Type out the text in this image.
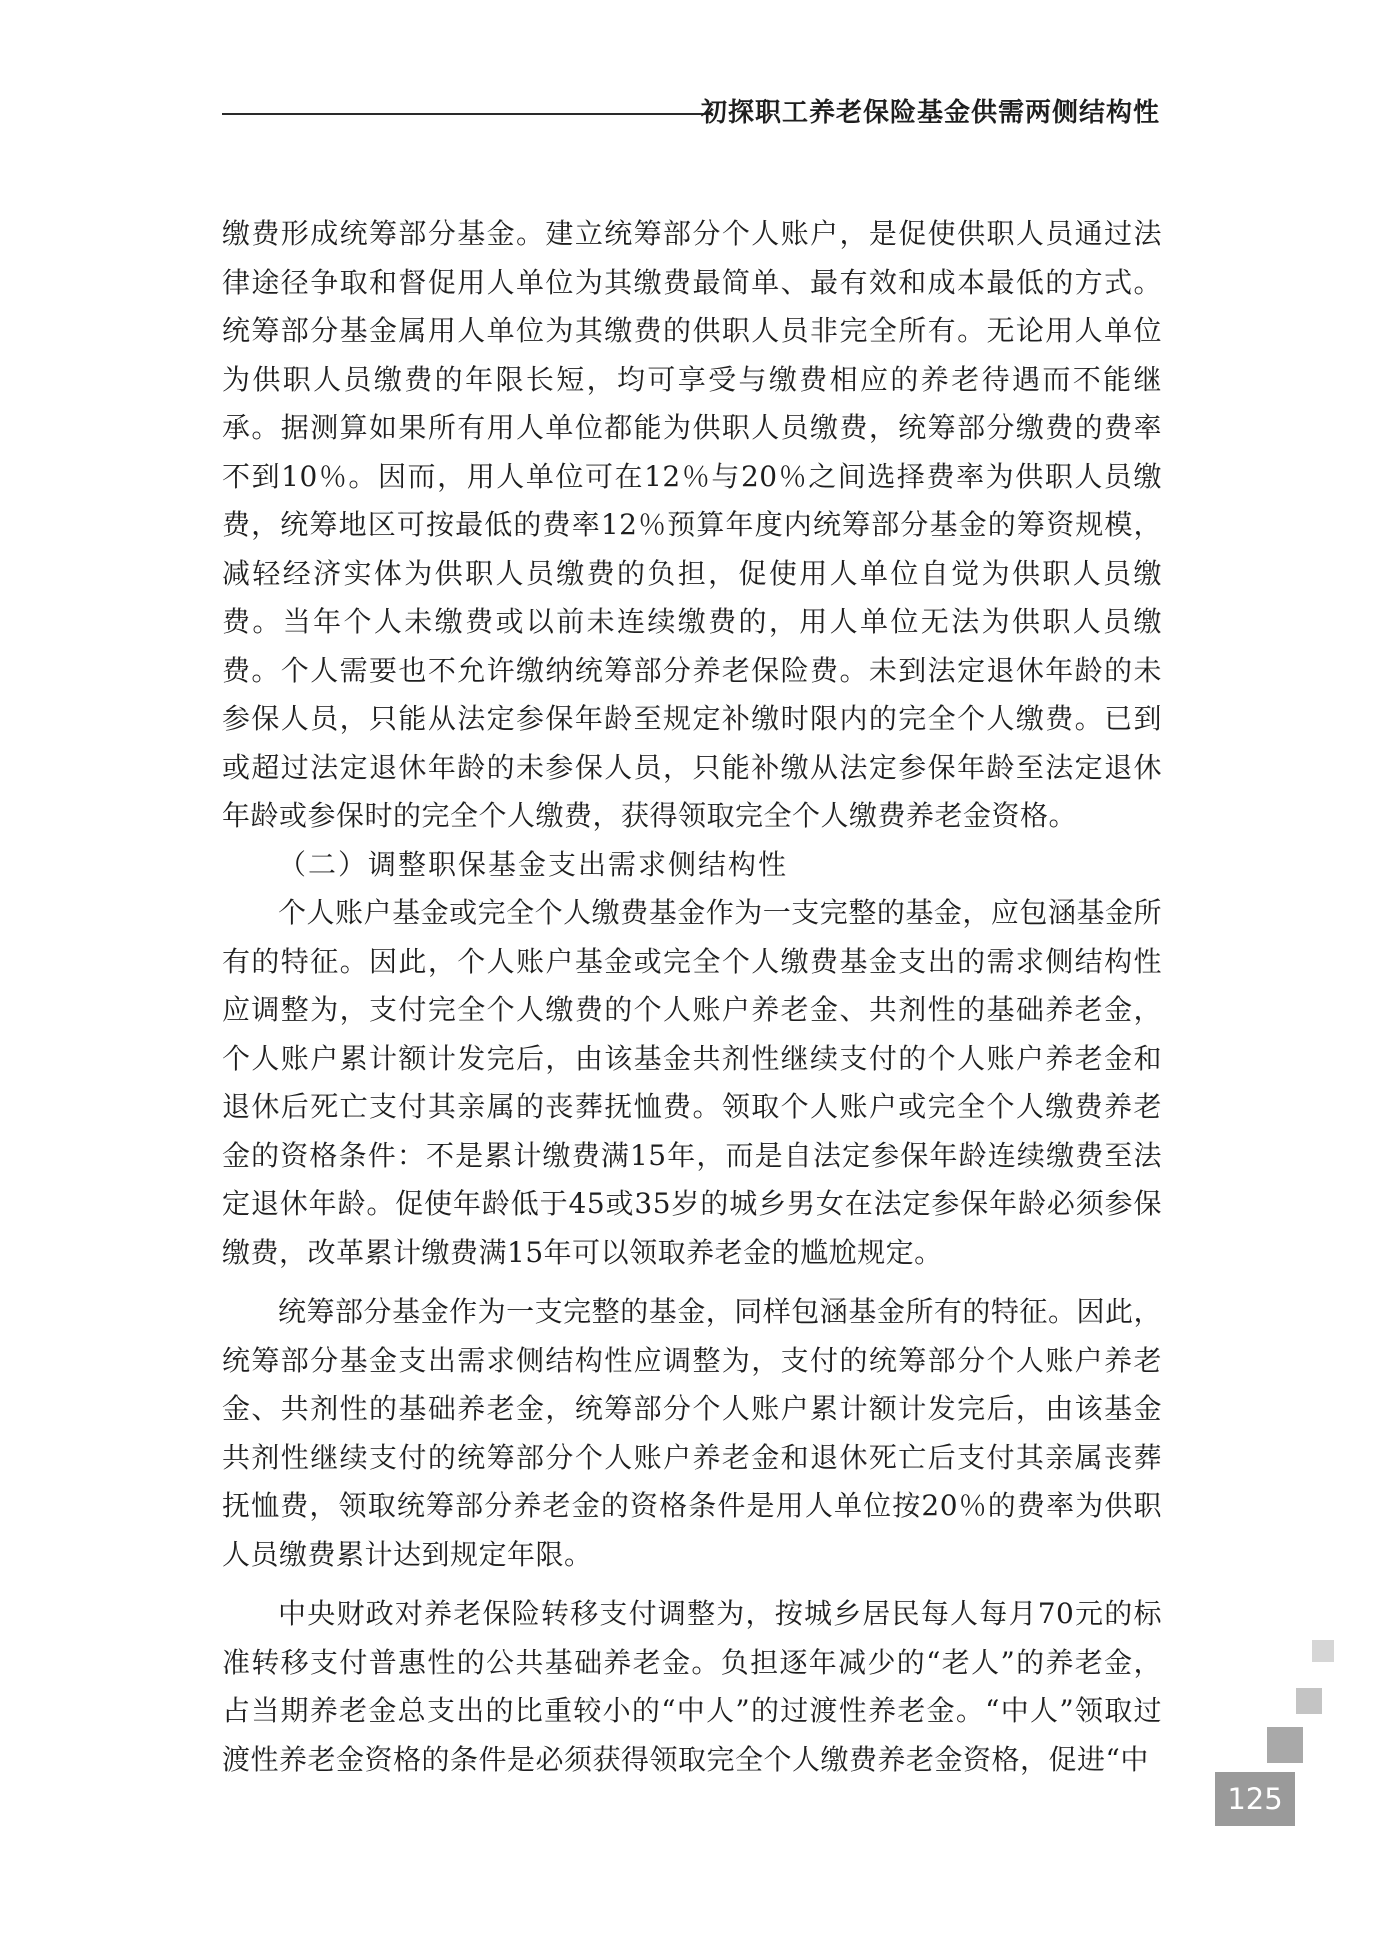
初探职工养老保险基金供需两侧结构性

缴费形成统筹部分基金。建立统筹部分个人账户，是促使供职人员通过法律途径争取和督促用人单位为其缴费最简单、最有效和成本最低的方式。统筹部分基金属用人单位为其缴费的供职人员非完全所有。无论用人单位为供职人员缴费的年限长短，均可享受与缴费相应的养老待遇而不能继承。据测算如果所有用人单位都能为供职人员缴费，统筹部分缴费的费率不到10％。因而，用人单位可在12％与20％之间选择费率为供职人员缴费，统筹地区可按最低的费率12％预算年度内统筹部分基金的筹资规模，减轻经济实体为供职人员缴费的负担，促使用人单位自觉为供职人员缴费。当年个人未缴费或以前未连续缴费的，用人单位无法为供职人员缴费。个人需要也不允许缴纳统筹部分养老保险费。未到法定退休年龄的未参保人员，只能从法定参保年龄至规定补缴时限内的完全个人缴费。已到或超过法定退休年龄的未参保人员，只能补缴从法定参保年龄至法定退休年龄或参保时的完全个人缴费，获得领取完全个人缴费养老金资格。

（二）调整职保基金支出需求侧结构性

个人账户基金或完全个人缴费基金作为一支完整的基金，应包涵基金所有的特征。因此，个人账户基金或完全个人缴费基金支出的需求侧结构性应调整为，支付完全个人缴费的个人账户养老金、共剂性的基础养老金，个人账户累计额计发完后，由该基金共剂性继续支付的个人账户养老金和退休后死亡支付其亲属的丧葬抚恤费。领取个人账户或完全个人缴费养老金的资格条件：不是累计缴费满15年，而是自法定参保年龄连续缴费至法定退休年龄。促使年龄低于45或35岁的城乡男女在法定参保年龄必须参保缴费，改革累计缴费满15年可以领取养老金的尴尬规定。

统筹部分基金作为一支完整的基金，同样包涵基金所有的特征。因此，统筹部分基金支出需求侧结构性应调整为，支付的统筹部分个人账户养老金、共剂性的基础养老金，统筹部分个人账户累计额计发完后，由该基金共剂性继续支付的统筹部分个人账户养老金和退休死亡后支付其亲属丧葬抚恤费，领取统筹部分养老金的资格条件是用人单位按20％的费率为供职人员缴费累计达到规定年限。

中央财政对养老保险转移支付调整为，按城乡居民每人每月70元的标准转移支付普惠性的公共基础养老金。负担逐年减少的“老人”的养老金，占当期养老金总支出的比重较小的“中人”的过渡性养老金。“中人”领取过渡性养老金资格的条件是必须获得领取完全个人缴费养老金资格，促进“中

125
